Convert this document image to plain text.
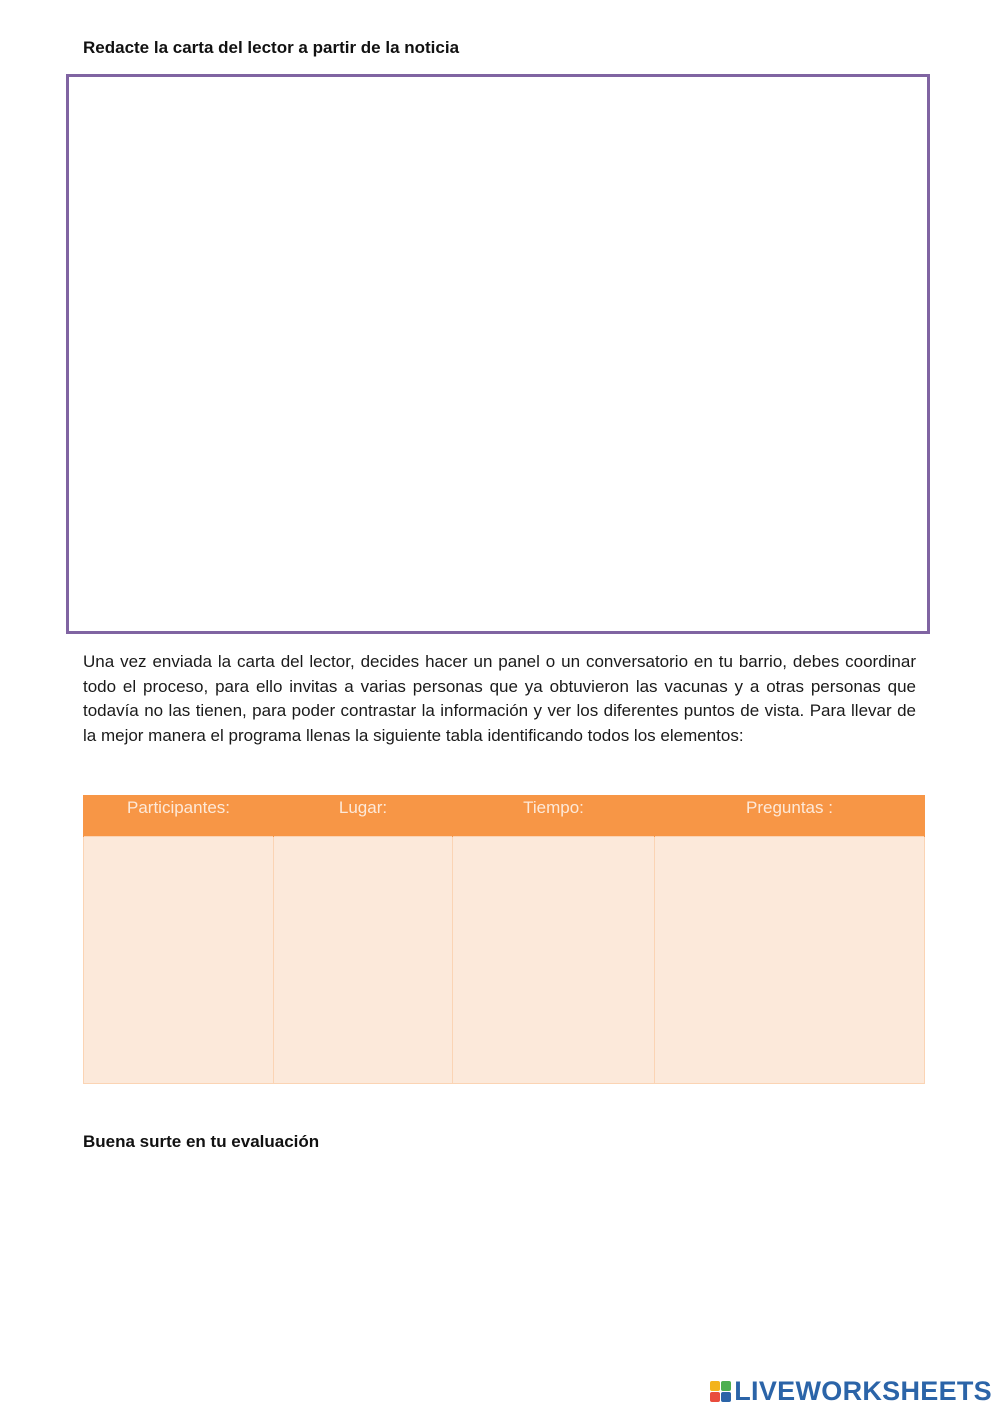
Redacte la carta del lector a partir de la noticia
Una vez enviada la carta del lector, decides hacer un panel o un conversatorio en tu barrio, debes coordinar todo el proceso, para ello invitas a varias personas que ya obtuvieron las vacunas y a otras personas que todavía no las tienen, para poder contrastar la información y ver los diferentes puntos de vista. Para llevar de la mejor manera el programa llenas la siguiente tabla identificando todos los elementos:
Participantes:	Lugar:	Tiempo:	Preguntas :

Buena surte en tu evaluación
LIVEWORKSHEETS
